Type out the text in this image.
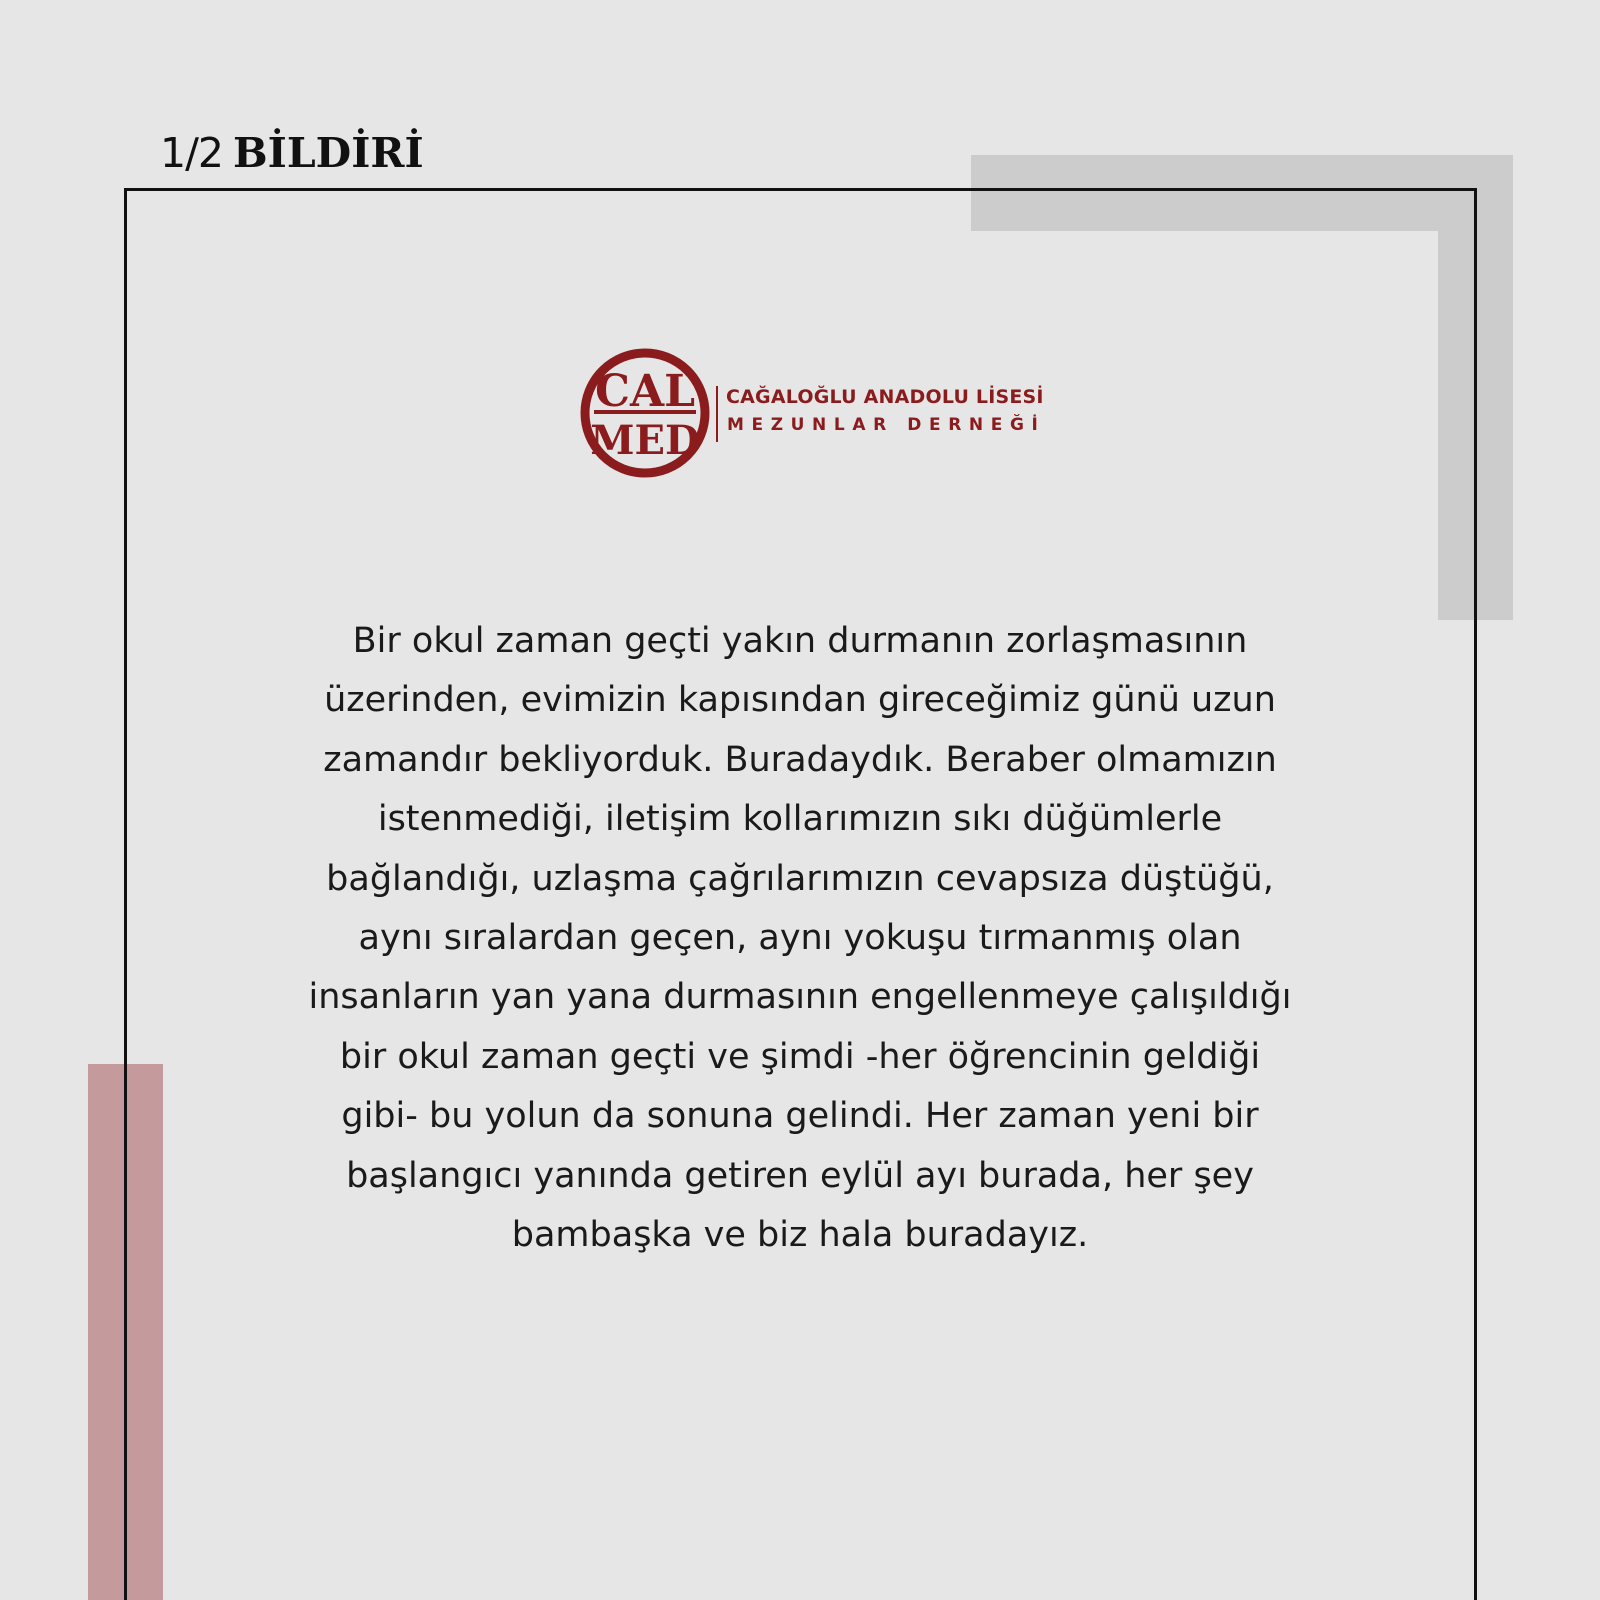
1/2 BİLDİRİ
CAL
MED
CAĞALOĞLU ANADOLU LİSESİ
MEZUNLAR DERNEĞİ
Bir okul zaman geçti yakın durmanın zorlaşmasının
üzerinden, evimizin kapısından gireceğimiz günü uzun
zamandır bekliyorduk. Buradaydık. Beraber olmamızın
istenmediği, iletişim kollarımızın sıkı düğümlerle
bağlandığı, uzlaşma çağrılarımızın cevapsıza düştüğü,
aynı sıralardan geçen, aynı yokuşu tırmanmış olan
insanların yan yana durmasının engellenmeye çalışıldığı
bir okul zaman geçti ve şimdi -her öğrencinin geldiği
gibi- bu yolun da sonuna gelindi. Her zaman yeni bir
başlangıcı yanında getiren eylül ayı burada, her şey
bambaşka ve biz hala buradayız.
